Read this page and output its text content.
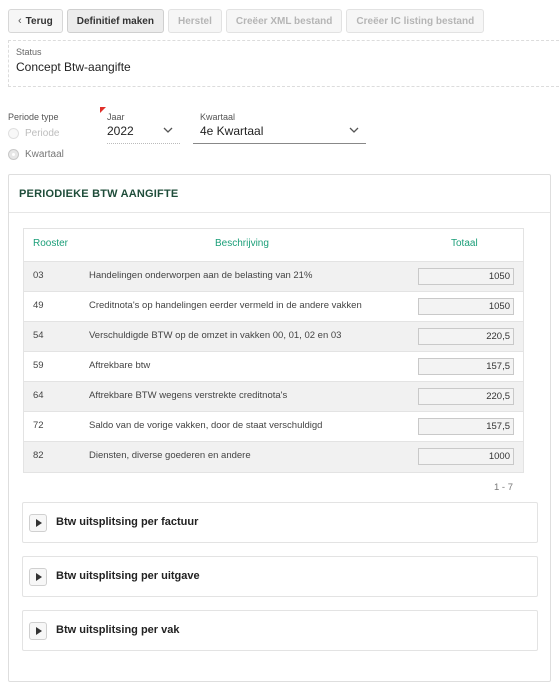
‹ Terug	Definitief maken	Herstel	Creëer XML bestand	Creëer IC listing bestand
Status
Concept Btw-aangifte
Periode type
Periode
Kwartaal
Jaar
2022
Kwartaal
4e Kwartaal
PERIODIEKE BTW AANGIFTE
Rooster	Beschrijving	Totaal
03	Handelingen onderworpen aan de belasting van 21%	1050
49	Creditnota's op handelingen eerder vermeld in de andere vakken	1050
54	Verschuldigde BTW op de omzet in vakken 00, 01, 02 en 03	220,5
59	Aftrekbare btw	157,5
64	Aftrekbare BTW wegens verstrekte creditnota's	220,5
72	Saldo van de vorige vakken, door de staat verschuldigd	157,5
82	Diensten, diverse goederen en andere	1000
1 - 7
Btw uitsplitsing per factuur
Btw uitsplitsing per uitgave
Btw uitsplitsing per vak
